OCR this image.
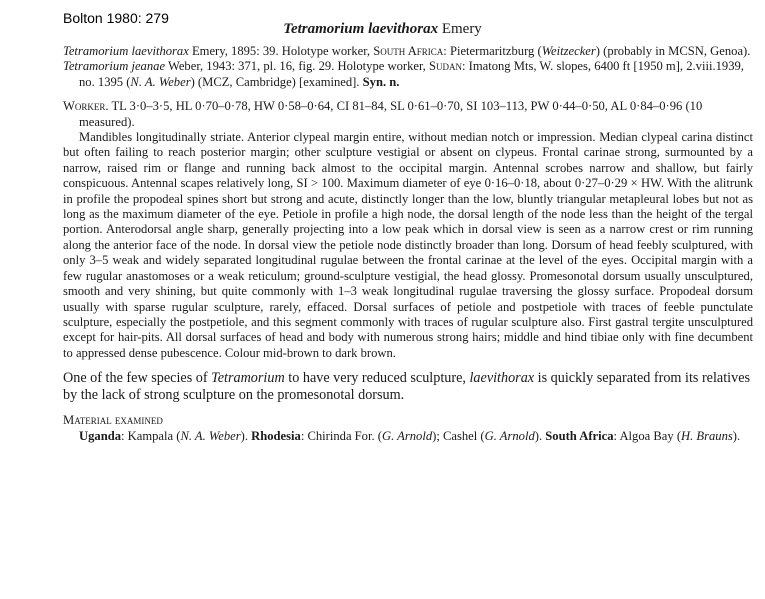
Bolton 1980: 279
Tetramorium laevithorax Emery

Tetramorium laevithorax Emery, 1895: 39. Holotype worker, South Africa: Pietermaritzburg (Weitzecker) (probably in MCSN, Genoa).

Tetramorium jeanae Weber, 1943: 371, pl. 16, fig. 29. Holotype worker, Sudan: Imatong Mts, W. slopes, 6400 ft [1950 m], 2.viii.1939, no. 1395 (N. A. Weber) (MCZ, Cambridge) [examined]. Syn. n.

Worker. TL 3·0–3·5, HL 0·70–0·78, HW 0·58–0·64, CI 81–84, SL 0·61–0·70, SI 103–113, PW 0·44–0·50, AL 0·84–0·96 (10 measured).

Mandibles longitudinally striate. Anterior clypeal margin entire, without median notch or impression. Median clypeal carina distinct but often failing to reach posterior margin; other sculpture vestigial or absent on clypeus. Frontal carinae strong, surmounted by a narrow, raised rim or flange and running back almost to the occipital margin. Antennal scrobes narrow and shallow, but fairly conspicuous. Antennal scapes relatively long, SI > 100. Maximum diameter of eye 0·16–0·18, about 0·27–0·29 × HW. With the alitrunk in profile the propodeal spines short but strong and acute, distinctly longer than the low, bluntly triangular metapleural lobes but not as long as the maximum diameter of the eye. Petiole in profile a high node, the dorsal length of the node less than the height of the tergal portion. Anterodorsal angle sharp, generally projecting into a low peak which in dorsal view is seen as a narrow crest or rim running along the anterior face of the node. In dorsal view the petiole node distinctly broader than long. Dorsum of head feebly sculptured, with only 3–5 weak and widely separated longitudinal rugulae between the frontal carinae at the level of the eyes. Occipital margin with a few rugular anastomoses or a weak reticulum; ground-sculpture vestigial, the head glossy. Promesonotal dorsum usually unsculptured, smooth and very shining, but quite commonly with 1–3 weak longitudinal rugulae traversing the glossy surface. Propodeal dorsum usually with sparse rugular sculpture, rarely, effaced. Dorsal surfaces of petiole and postpetiole with traces of feeble punctulate sculpture, especially the postpetiole, and this segment commonly with traces of rugular sculpture also. First gastral tergite unsculptured except for hair-pits. All dorsal surfaces of head and body with numerous strong hairs; middle and hind tibiae only with fine decumbent to appressed dense pubescence. Colour mid-brown to dark brown.

One of the few species of Tetramorium to have very reduced sculpture, laevithorax is quickly separated from its relatives by the lack of strong sculpture on the promesonotal dorsum.

Material examined

Uganda: Kampala (N. A. Weber). Rhodesia: Chirinda For. (G. Arnold); Cashel (G. Arnold). South Africa: Algoa Bay (H. Brauns).
